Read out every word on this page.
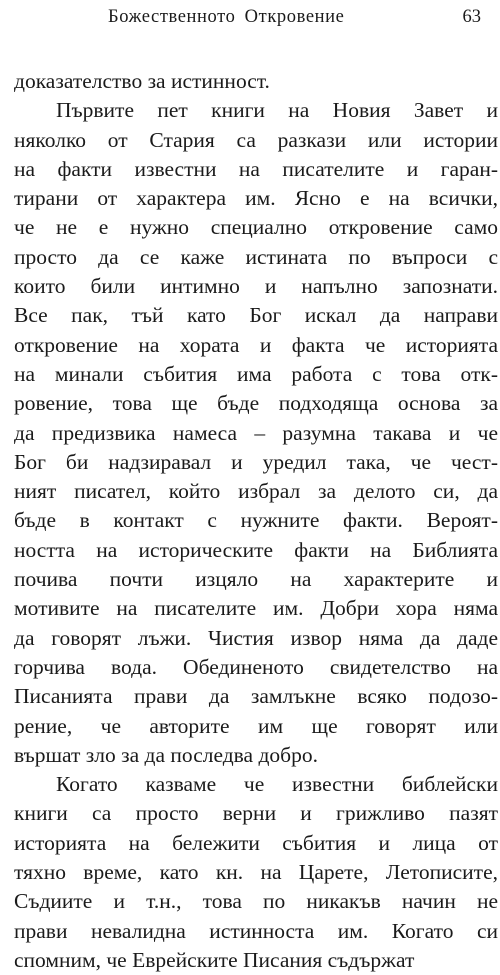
Божественното Откровение	63
доказателство за истинност.
Първите пет книги на Новия Завет и
няколко от Стария са разкази или истории
на факти известни на писателите и гаран-
тирани от характера им. Ясно е на всички,
че не е нужно специално откровение само
просто да се каже истината по въпроси с
които били интимно и напълно запознати.
Все пак, тъй като Бог искал да направи
откровение на хората и факта че историята
на минали събития има работа с това отк-
ровение, това ще бъде подходяща основа за
да предизвика намеса – разумна такава и че
Бог би надзиравал и уредил така, че чест-
ният писател, който избрал за делото си, да
бъде в контакт с нужните факти. Вероят-
ността на историческите факти на Библията
почива почти изцяло на характерите и
мотивите на писателите им. Добри хора няма
да говорят лъжи. Чистия извор няма да даде
горчива вода. Обединеното свидетелство на
Писанията прави да замлъкне всяко подозо-
рение, че авторите им ще говорят или
вършат зло за да последва добро.
Когато казваме че известни библейски
книги са просто верни и грижливо пазят
историята на бележити събития и лица от
тяхно време, като кн. на Царете, Летописите,
Съдиите и т.н., това по никакъв начин не
прави невалидна истинноста им. Когато си
спомним, че Еврейските Писания съдържат
